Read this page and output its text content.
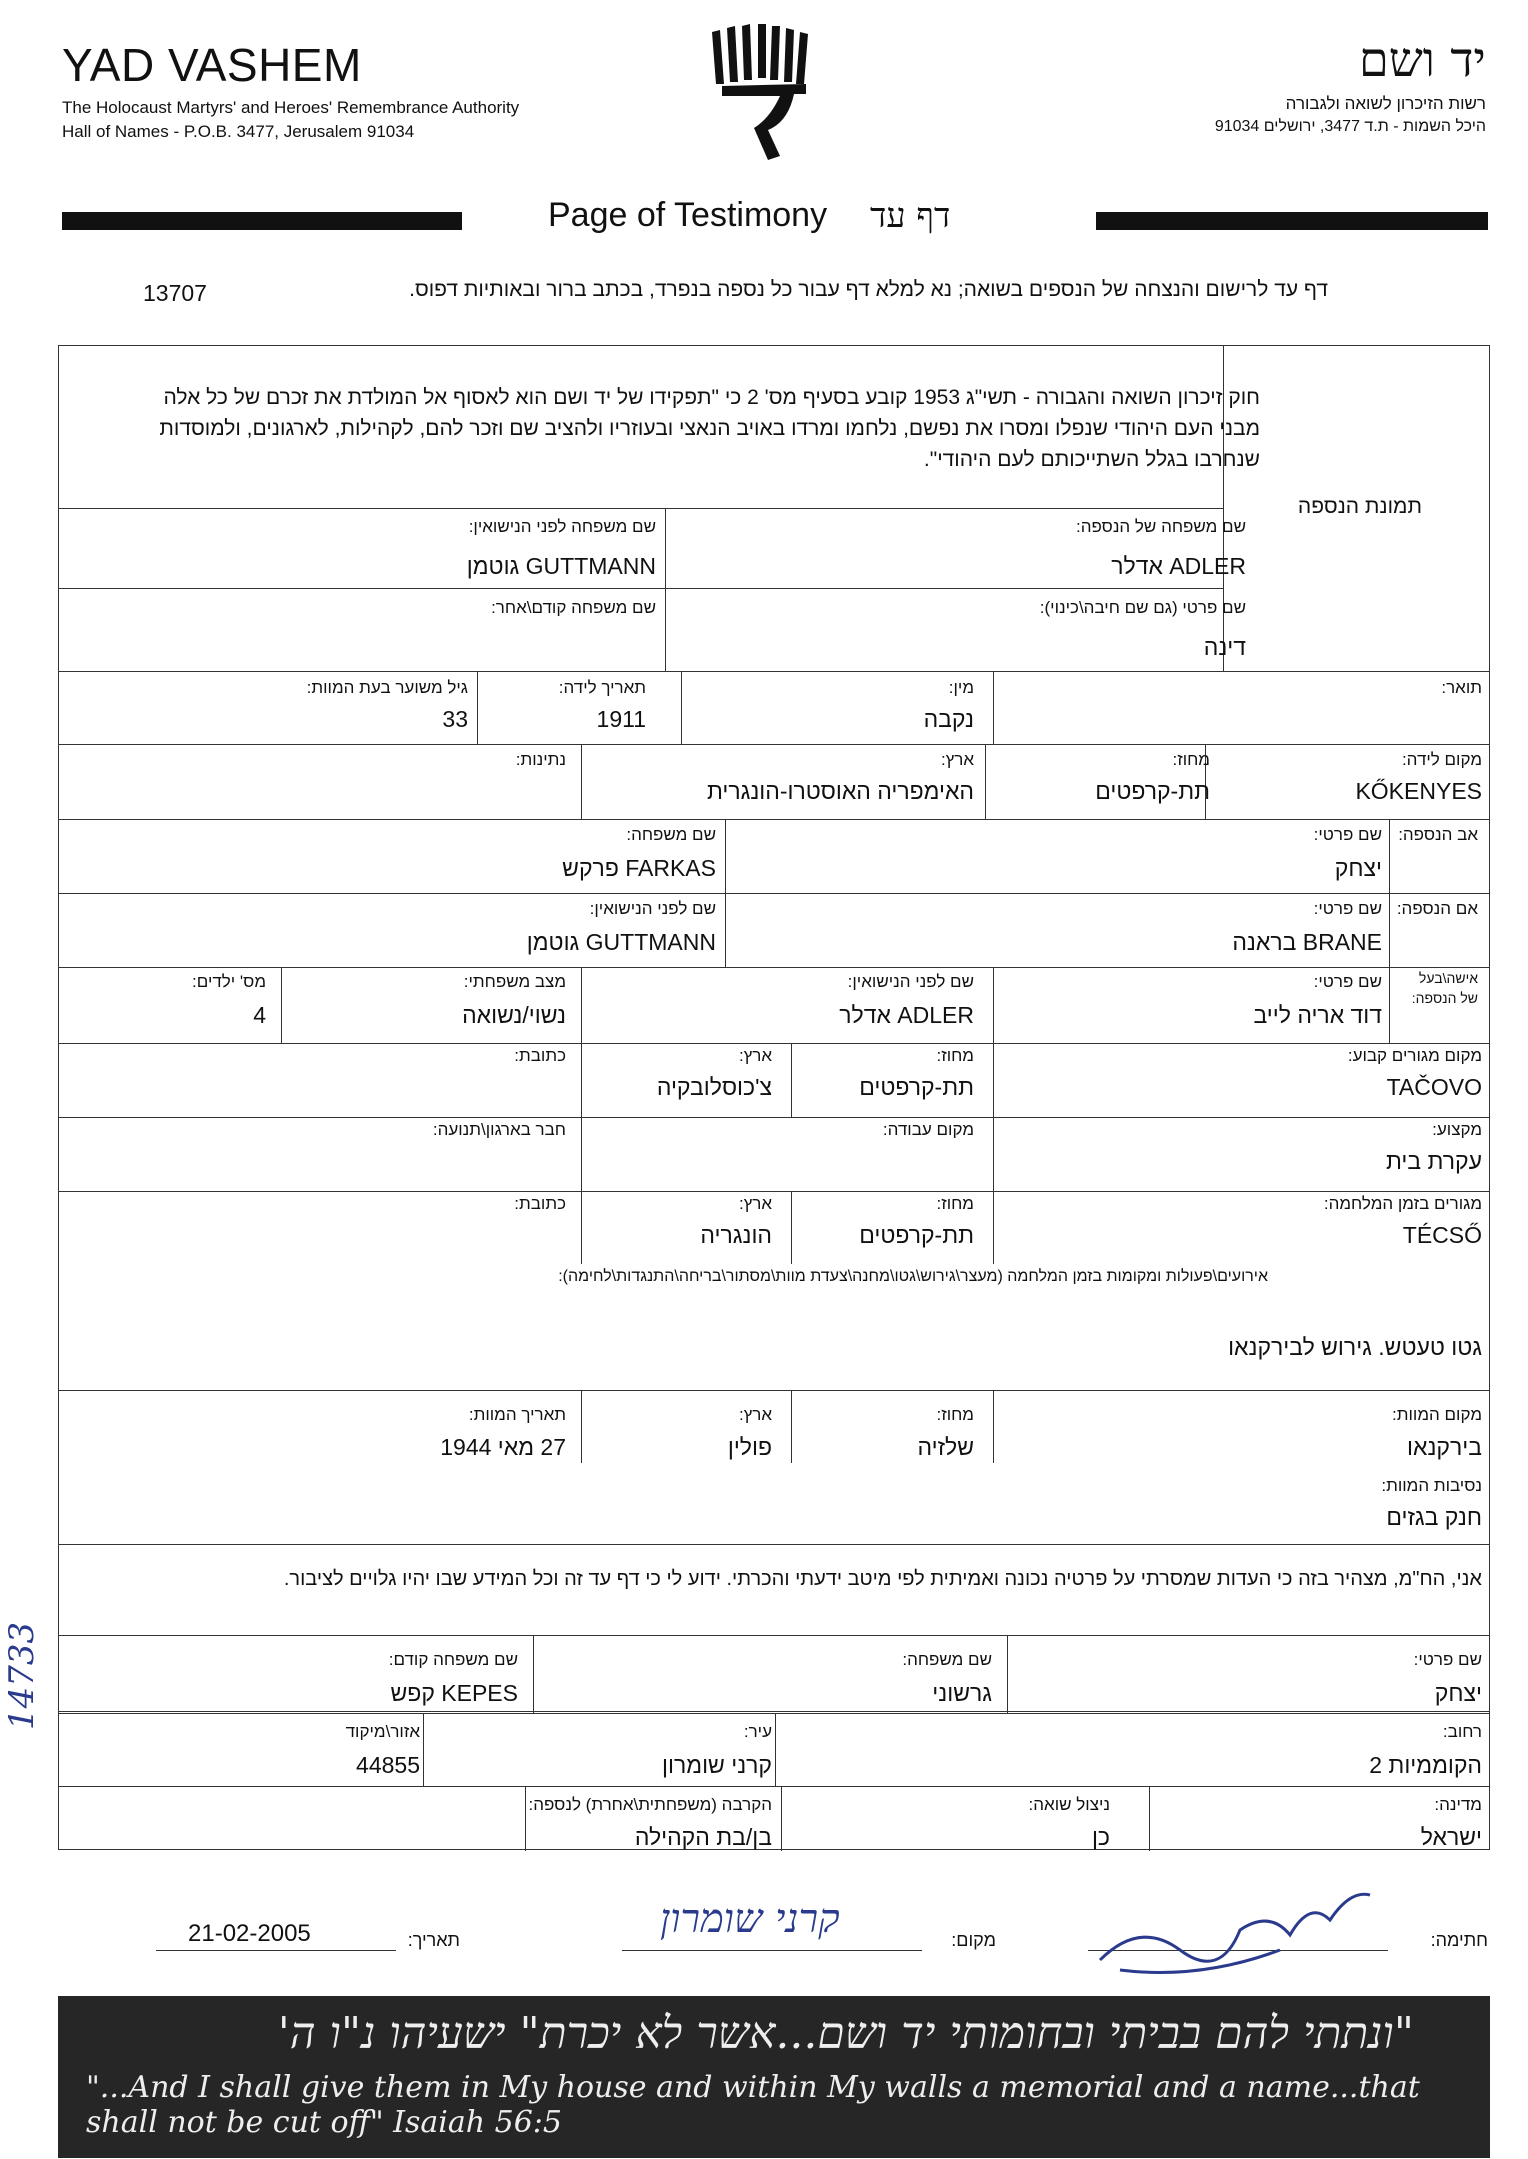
YAD VASHEM
The Holocaust Martyrs' and Heroes' Remembrance Authority
Hall of Names - P.O.B. 3477, Jerusalem 91034
יד ושם
רשות הזיכרון לשואה ולגבורה
היכל השמות - ת.ד 3477, ירושלים 91034
Page of Testimony דף עד
דף עד לרישום והנצחה של הנספים בשואה; נא למלא דף עבור כל נספה בנפרד, בכתב ברור ובאותיות דפוס.
13707
חוק זיכרון השואה והגבורה - תשי"ג 1953 קובע בסעיף מס' 2 כי "תפקידו של יד ושם הוא לאסוף אל המולדת את זכרם של כל אלה מבני העם היהודי שנפלו ומסרו את נפשם, נלחמו ומרדו באויב הנאצי ובעוזריו ולהציב שם וזכר להם, לקהילות, לארגונים, ולמוסדות שנחרבו בגלל השתייכותם לעם היהודי".
תמונת הנספה
שם משפחה של הנספה:
ADLER אדלר
שם משפחה לפני הנישואין:
GUTTMANN גוטמן
שם פרטי (גם שם חיבה\כינוי):
דינה
שם משפחה קודם\אחר:
תואר:
מין:
נקבה
תאריך לידה:
1911
גיל משוער בעת המוות:
33
מקום לידה:
KŐKENYES
מחוז:
תת-קרפטים
ארץ:
האימפריה האוסטרו-הונגרית
נתינות:
אב הנספה:
שם פרטי:
יצחק
שם משפחה:
FARKAS פרקש
אם הנספה:
שם פרטי:
BRANE בראנה
שם לפני הנישואין:
GUTTMANN גוטמן
אישה\בעל
של הנספה:
שם פרטי:
דוד אריה לייב
שם לפני הנישואין:
ADLER אדלר
מצב משפחתי:
נשוי/נשואה
מס' ילדים:
4
מקום מגורים קבוע:
TAČOVO
מחוז:
תת-קרפטים
ארץ:
צ'כוסלובקיה
כתובת:
מקצוע:
עקרת בית
מקום עבודה:
חבר בארגון\תנועה:
מגורים בזמן המלחמה:
TÉCSŐ
מחוז:
תת-קרפטים
ארץ:
הונגריה
כתובת:
אירועים\פעולות ומקומות בזמן המלחמה (מעצר\גירוש\גטו\מחנה\צעדת מוות\מסתור\בריחה\התנגדות\לחימה):
גטו טעטש. גירוש לבירקנאו
מקום המוות:
בירקנאו
מחוז:
שלזיה
ארץ:
פולין
תאריך המוות:
27 מאי 1944
נסיבות המוות:
חנק בגזים
אני, הח"מ, מצהיר בזה כי העדות שמסרתי על פרטיה נכונה ואמיתית לפי מיטב ידעתי והכרתי. ידוע לי כי דף עד זה וכל המידע שבו יהיו גלויים לציבור.
שם פרטי:
יצחק
שם משפחה:
גרשוני
שם משפחה קודם:
KEPES קפש
רחוב:
הקוממיות 2
עיר:
קרני שומרון
אזור\מיקוד
44855
מדינה:
ישראל
ניצול שואה:
כן
הקרבה (משפחתית\אחרת) לנספה:
בן/בת הקהילה
14733
חתימה:
מקום:
קרני שומרון
תאריך:
21-02-2005
"ונתתי להם בביתי ובחומותי יד ושם...אשר לא יכרת" ישעיהו נ"ו ה'
"...And I shall give them in My house and within My walls a memorial and a name...that shall not be cut off" Isaiah 56:5
